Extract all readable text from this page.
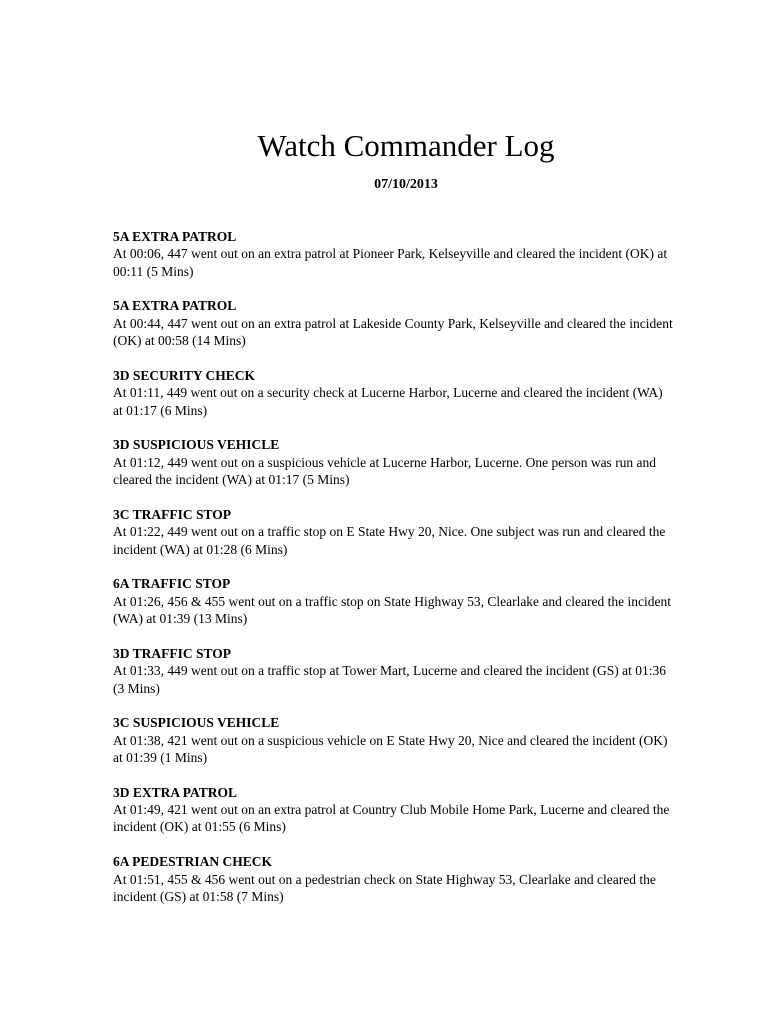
Watch Commander Log
07/10/2013
5A EXTRA PATROL
At 00:06, 447 went out on an extra patrol at Pioneer Park, Kelseyville and cleared the incident (OK) at 00:11 (5 Mins)
5A EXTRA PATROL
At 00:44, 447 went out on an extra patrol at Lakeside County Park, Kelseyville and cleared the incident (OK) at 00:58 (14 Mins)
3D SECURITY CHECK
At 01:11, 449 went out on a security check at Lucerne Harbor, Lucerne and cleared the incident (WA) at 01:17 (6 Mins)
3D SUSPICIOUS VEHICLE
At 01:12, 449 went out on a suspicious vehicle at Lucerne Harbor, Lucerne. One person was run and cleared the incident (WA) at 01:17 (5 Mins)
3C TRAFFIC STOP
At 01:22, 449 went out on a traffic stop on E State Hwy 20, Nice. One subject was run and cleared the incident (WA) at 01:28 (6 Mins)
6A TRAFFIC STOP
At 01:26, 456 & 455 went out on a traffic stop on State Highway 53, Clearlake and cleared the incident (WA) at 01:39 (13 Mins)
3D TRAFFIC STOP
At 01:33, 449 went out on a traffic stop at Tower Mart, Lucerne and cleared the incident (GS) at 01:36 (3 Mins)
3C SUSPICIOUS VEHICLE
At 01:38, 421 went out on a suspicious vehicle on E State Hwy 20, Nice and cleared the incident (OK) at 01:39 (1 Mins)
3D EXTRA PATROL
At 01:49, 421 went out on an extra patrol at Country Club Mobile Home Park, Lucerne and cleared the incident (OK) at 01:55 (6 Mins)
6A PEDESTRIAN CHECK
At 01:51, 455 & 456 went out on a pedestrian check on State Highway 53, Clearlake and cleared the incident (GS) at 01:58 (7 Mins)
